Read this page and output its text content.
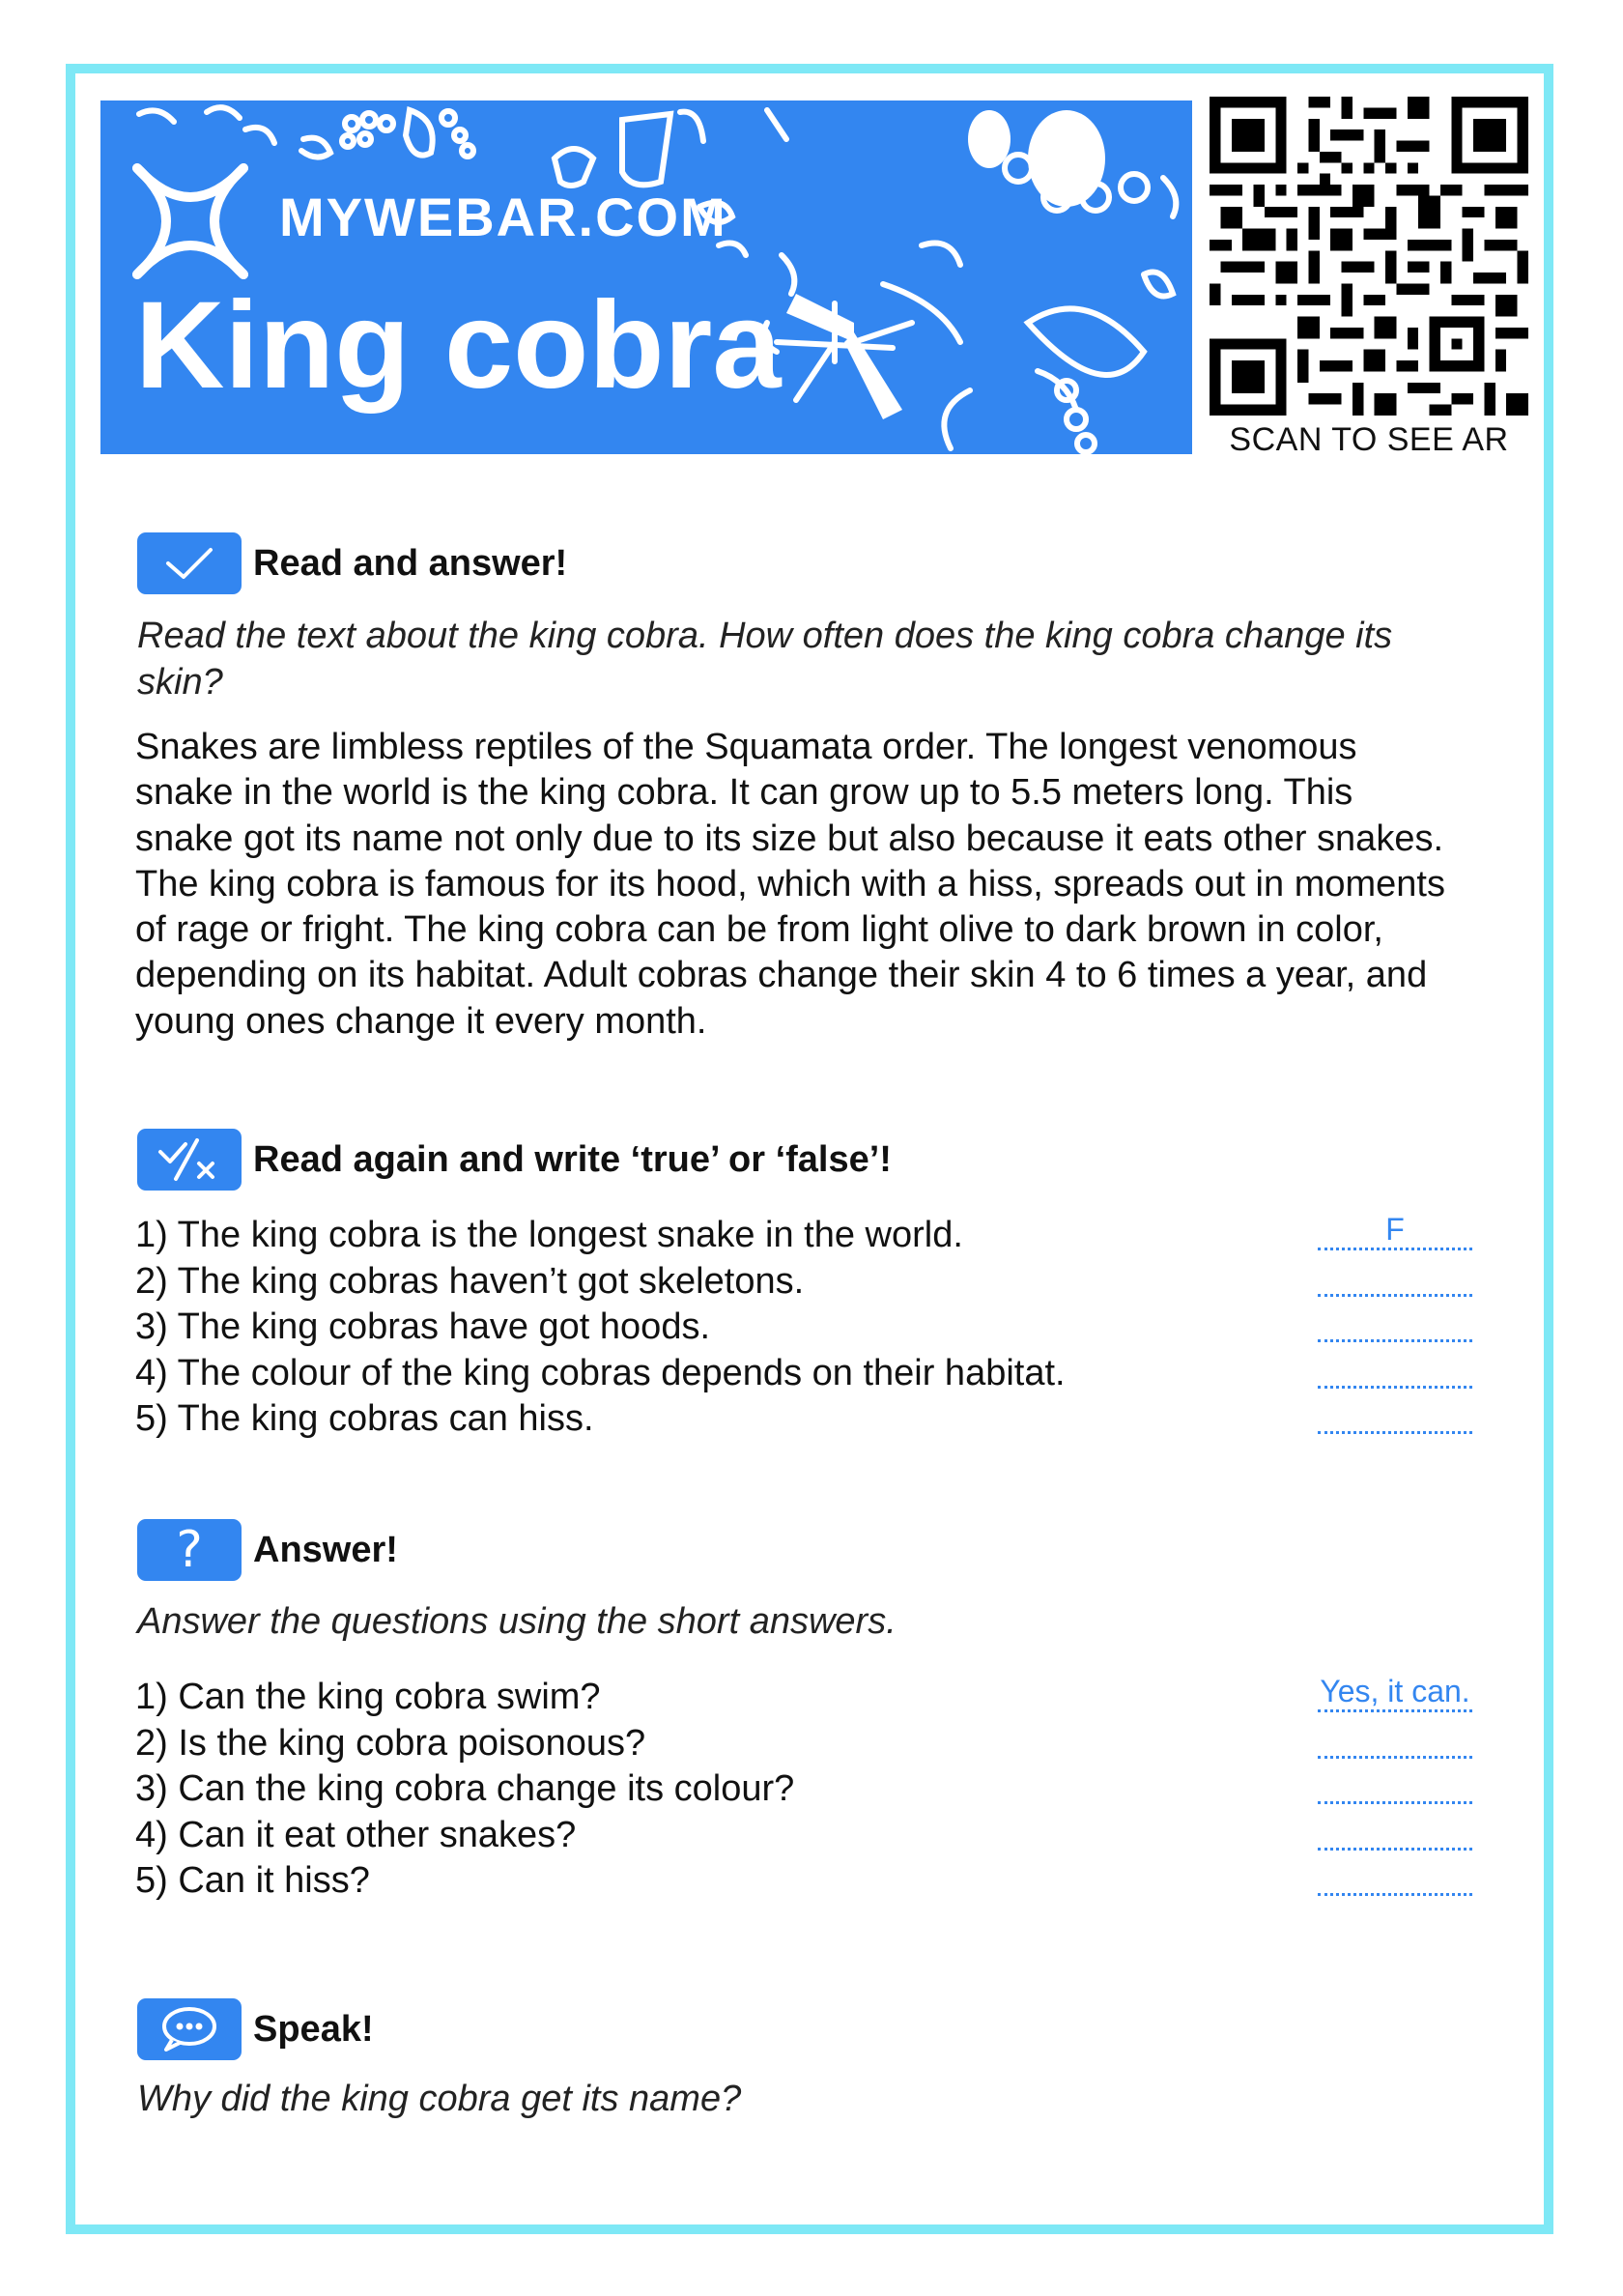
MYWEBAR.COM
King cobra
SCAN TO SEE AR
Read and answer!
Read the text about the king cobra. How often does the king cobra change its skin?
Snakes are limbless reptiles of the Squamata order. The longest venomous snake in the world is the king cobra. It can grow up to 5.5 meters long. This snake got its name not only due to its size but also because it eats other snakes. The king cobra is famous for its hood, which with a hiss, spreads out in moments of rage or fright. The king cobra can be from light olive to dark brown in color, depending on its habitat. Adult cobras change their skin 4 to 6 times a year, and young ones change it every month.
Read again and write ‘true’ or ‘false’!
1) The king cobra is the longest snake in the world.	F
2) The king cobras haven’t got skeletons.
3) The king cobras have got hoods.
4) The colour of the king cobras depends on their habitat.
5) The king cobras can hiss.
? Answer!
Answer the questions using the short answers.
1) Can the king cobra swim?	Yes, it can.
2) Is the king cobra poisonous?
3) Can the king cobra change its colour?
4) Can it eat other snakes?
5) Can it hiss?
Speak!
Why did the king cobra get its name?
